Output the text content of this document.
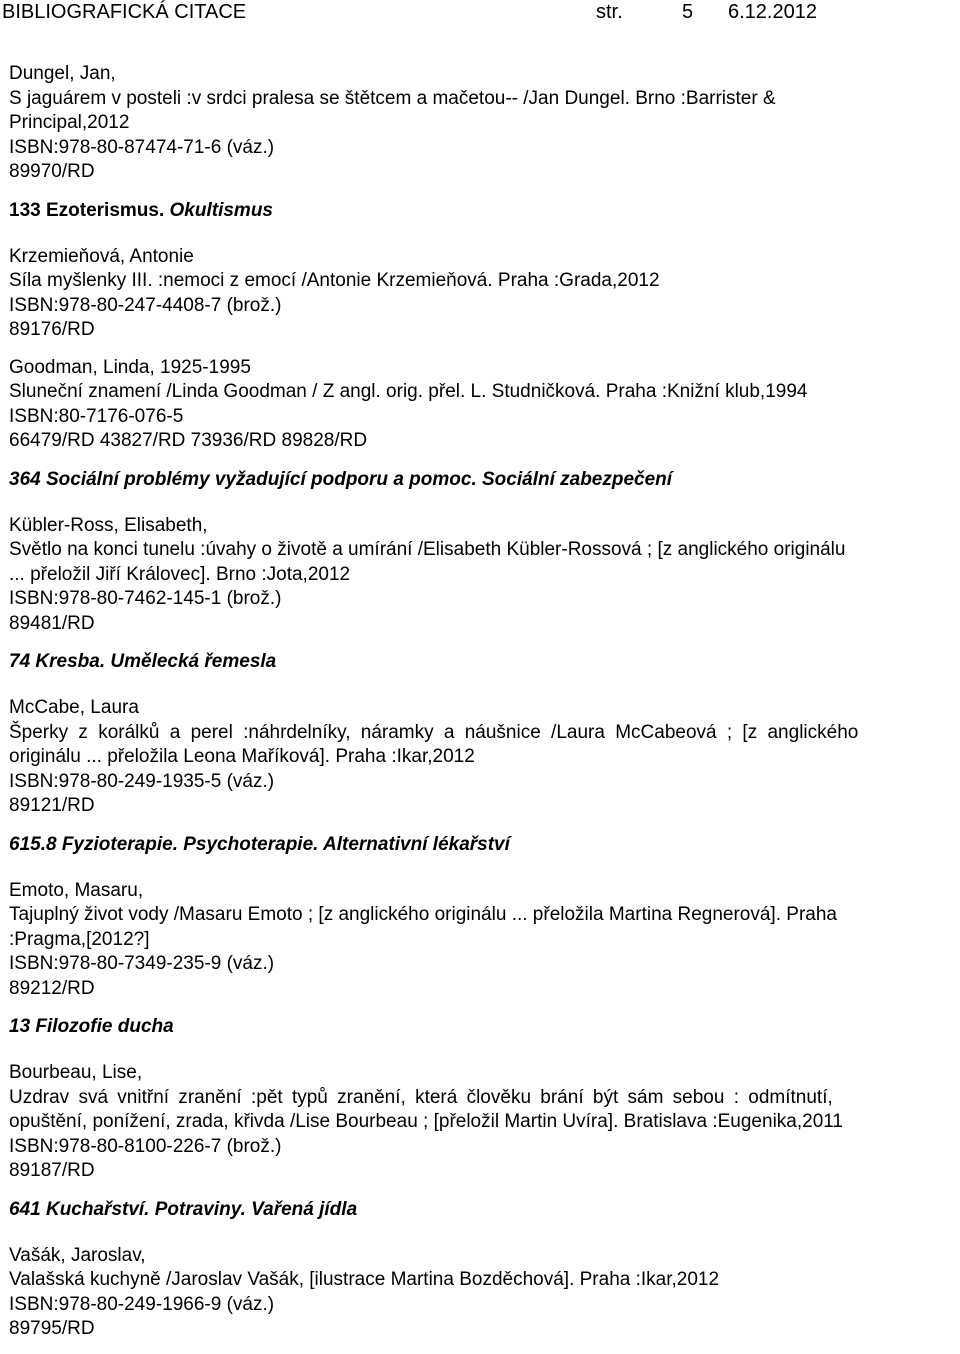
BIBLIOGRAFICKÁ CITACE	str.	5 6.12.2012
Dungel, Jan,
S jaguárem v posteli :v srdci pralesa se štětcem a mačetou-- /Jan Dungel. Brno :Barrister &
Principal,2012
ISBN:978-80-87474-71-6 (váz.)
89970/RD
133 Ezoterismus. Okultismus
Krzemieňová, Antonie
Síla myšlenky III. :nemoci z emocí /Antonie Krzemieňová. Praha :Grada,2012
ISBN:978-80-247-4408-7 (brož.)
89176/RD
Goodman, Linda, 1925-1995
Sluneční znamení /Linda Goodman / Z angl. orig. přel. L. Studničková. Praha :Knižní klub,1994
ISBN:80-7176-076-5
66479/RD 43827/RD 73936/RD 89828/RD
364 Sociální problémy vyžadující podporu a pomoc. Sociální zabezpečení
Kübler-Ross, Elisabeth,
Světlo na konci tunelu :úvahy o životě a umírání /Elisabeth Kübler-Rossová ; [z anglického originálu
... přeložil Jiří Královec]. Brno :Jota,2012
ISBN:978-80-7462-145-1 (brož.)
89481/RD
74 Kresba. Umělecká řemesla
McCabe, Laura
Šperky z korálků a perel :náhrdelníky, náramky a náušnice /Laura McCabeová ; [z anglického
originálu ... přeložila Leona Maříková]. Praha :Ikar,2012
ISBN:978-80-249-1935-5 (váz.)
89121/RD
615.8 Fyzioterapie. Psychoterapie. Alternativní lékařství
Emoto, Masaru,
Tajuplný život vody /Masaru Emoto ; [z anglického originálu ... přeložila Martina Regnerová]. Praha
:Pragma,[2012?]
ISBN:978-80-7349-235-9 (váz.)
89212/RD
13 Filozofie ducha
Bourbeau, Lise,
Uzdrav svá vnitřní zranění :pět typů zranění, která člověku brání být sám sebou : odmítnutí,
opuštění, ponížení, zrada, křivda /Lise Bourbeau ; [přeložil Martin Uvíra]. Bratislava :Eugenika,2011
ISBN:978-80-8100-226-7 (brož.)
89187/RD
641 Kuchařství. Potraviny. Vařená jídla
Vašák, Jaroslav,
Valašská kuchyně /Jaroslav Vašák, [ilustrace Martina Bozděchová]. Praha :Ikar,2012
ISBN:978-80-249-1966-9 (váz.)
89795/RD
